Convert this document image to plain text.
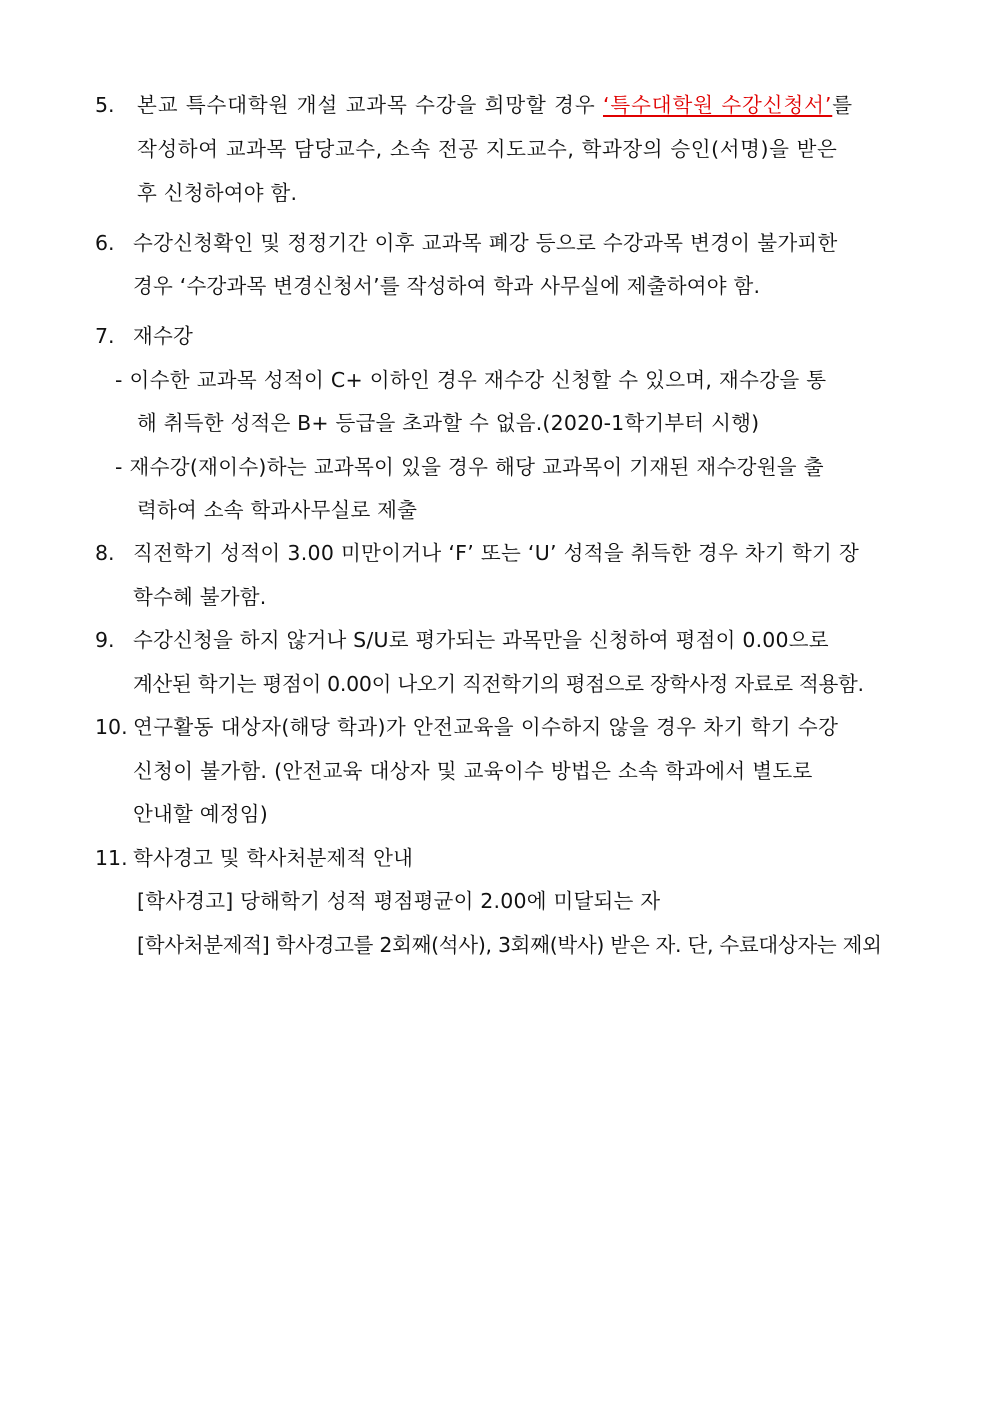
5. 본교 특수대학원 개설 교과목 수강을 희망할 경우 ‘특수대학원 수강신청서’를
작성하여 교과목 담당교수, 소속 전공 지도교수, 학과장의 승인(서명)을 받은
후 신청하여야 함.
6. 수강신청확인 및 정정기간 이후 교과목 폐강 등으로 수강과목 변경이 불가피한
경우 ‘수강과목 변경신청서’를 작성하여 학과 사무실에 제출하여야 함.
7. 재수강
- 이수한 교과목 성적이 C+ 이하인 경우 재수강 신청할 수 있으며, 재수강을 통
해 취득한 성적은 B+ 등급을 초과할 수 없음.(2020-1학기부터 시행)
- 재수강(재이수)하는 교과목이 있을 경우 해당 교과목이 기재된 재수강원을 출
력하여 소속 학과사무실로 제출
8. 직전학기 성적이 3.00 미만이거나 ‘F’ 또는 ‘U’ 성적을 취득한 경우 차기 학기 장
학수혜 불가함.
9. 수강신청을 하지 않거나 S/U로 평가되는 과목만을 신청하여 평점이 0.00으로
계산된 학기는 평점이 0.00이 나오기 직전학기의 평점으로 장학사정 자료로 적용함.
10. 연구활동 대상자(해당 학과)가 안전교육을 이수하지 않을 경우 차기 학기 수강
신청이 불가함. (안전교육 대상자 및 교육이수 방법은 소속 학과에서 별도로
안내할 예정임)
11. 학사경고 및 학사처분제적 안내
[학사경고] 당해학기 성적 평점평균이 2.00에 미달되는 자
[학사처분제적] 학사경고를 2회째(석사), 3회째(박사) 받은 자. 단, 수료대상자는 제외
